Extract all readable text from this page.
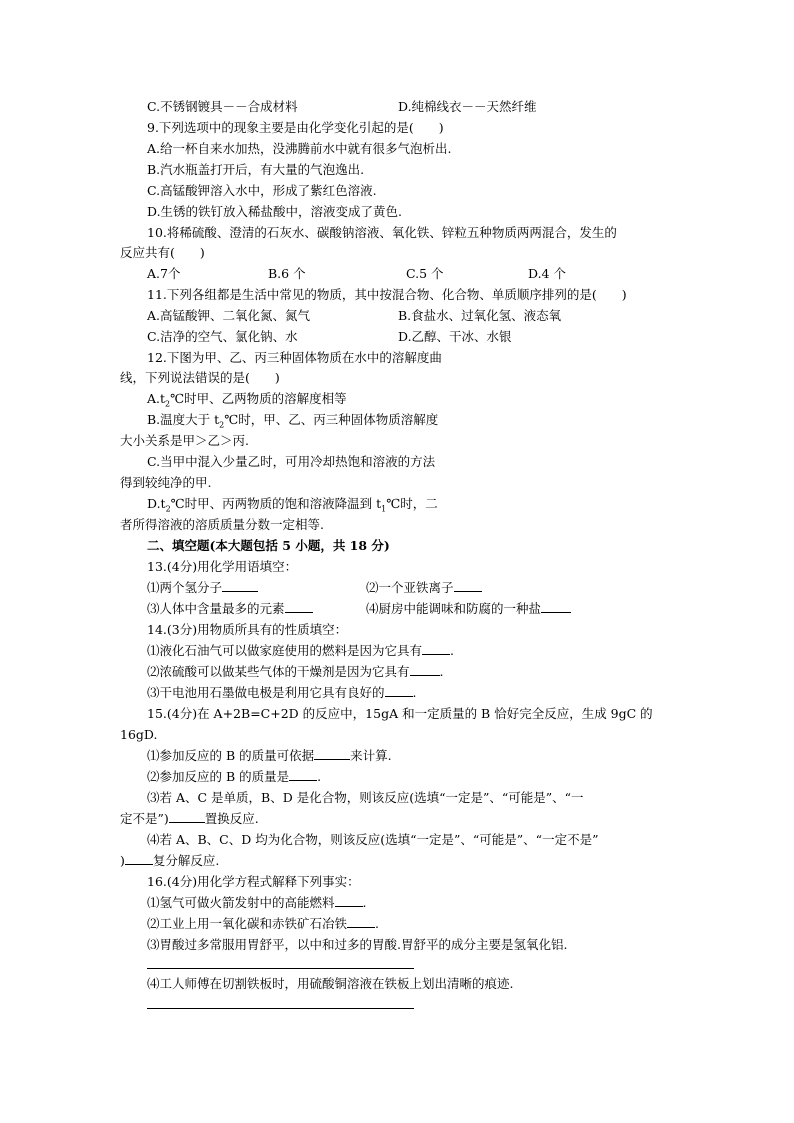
C.不锈钢镀具－－合成材料	D.纯棉线衣－－天然纤维
9.下列选项中的现象主要是由化学变化引起的是(　　)
A.给一杯自来水加热，没沸腾前水中就有很多气泡析出.
B.汽水瓶盖打开后，有大量的气泡逸出.
C.高锰酸钾溶入水中，形成了紫红色溶液.
D.生锈的铁钉放入稀盐酸中，溶液变成了黄色.
10.将稀硫酸、澄清的石灰水、碳酸钠溶液、氧化铁、锌粒五种物质两两混合，发生的
反应共有(　　)
A.7个	B.6 个	C.5 个	D.4 个
11.下列各组都是生活中常见的物质，其中按混合物、化合物、单质顺序排列的是(　　)
A.高锰酸钾、二氧化氮、氮气	B.食盐水、过氧化氢、液态氧
C.洁净的空气、氯化钠、水	D.乙醇、干冰、水银
12.下图为甲、乙、丙三种固体物质在水中的溶解度曲
线，下列说法错误的是(　　)
$A.t_2℃$时甲、乙两物质的溶解度相等
B.温度大于 $t_2℃$时，甲、乙、丙三种固体物质溶解度
大小关系是甲＞乙＞丙.
C.当甲中混入少量乙时，可用冷却热饱和溶液的方法
得到较纯净的甲.
$D.t_2℃$时甲、丙两物质的饱和溶液降温到 $t_1℃$时，二
者所得溶液的溶质质量分数一定相等.
二、填空题(本大题包括 5 小题，共 18 分)
13.(4分)用化学用语填空：
⑴两个氢分子	⑵一个亚铁离子
⑶人体中含量最多的元素	⑷厨房中能调味和防腐的一种盐
14.(3分)用物质所具有的性质填空：
⑴液化石油气可以做家庭使用的燃料是因为它具有 .
⑵浓硫酸可以做某些气体的干燥剂是因为它具有 .
⑶干电池用石墨做电极是利用它具有良好的 .
15.(4分)在 A+2B=C+2D 的反应中，15gA 和一定质量的 B 恰好完全反应，生成 9gC 的
16gD.
⑴参加反应的 B 的质量可依据	来计算.
⑵参加反应的 B 的质量是 .
⑶若 A、C 是单质，B、D 是化合物，则该反应(选填“一定是”、“可能是”、“一
定不是”)	置换反应.
⑷若 A、B、C、D 均为化合物，则该反应(选填“一定是”、“可能是”、“一定不是”
) 复分解反应.
16.(4分)用化学方程式解释下列事实：
⑴氢气可做火箭发射中的高能燃料 .
⑵工业上用一氧化碳和赤铁矿石冶铁 .
⑶胃酸过多常服用胃舒平，以中和过多的胃酸.胃舒平的成分主要是氢氧化铝.
⑷工人师傅在切割铁板时，用硫酸铜溶液在铁板上划出清晰的痕迹.
